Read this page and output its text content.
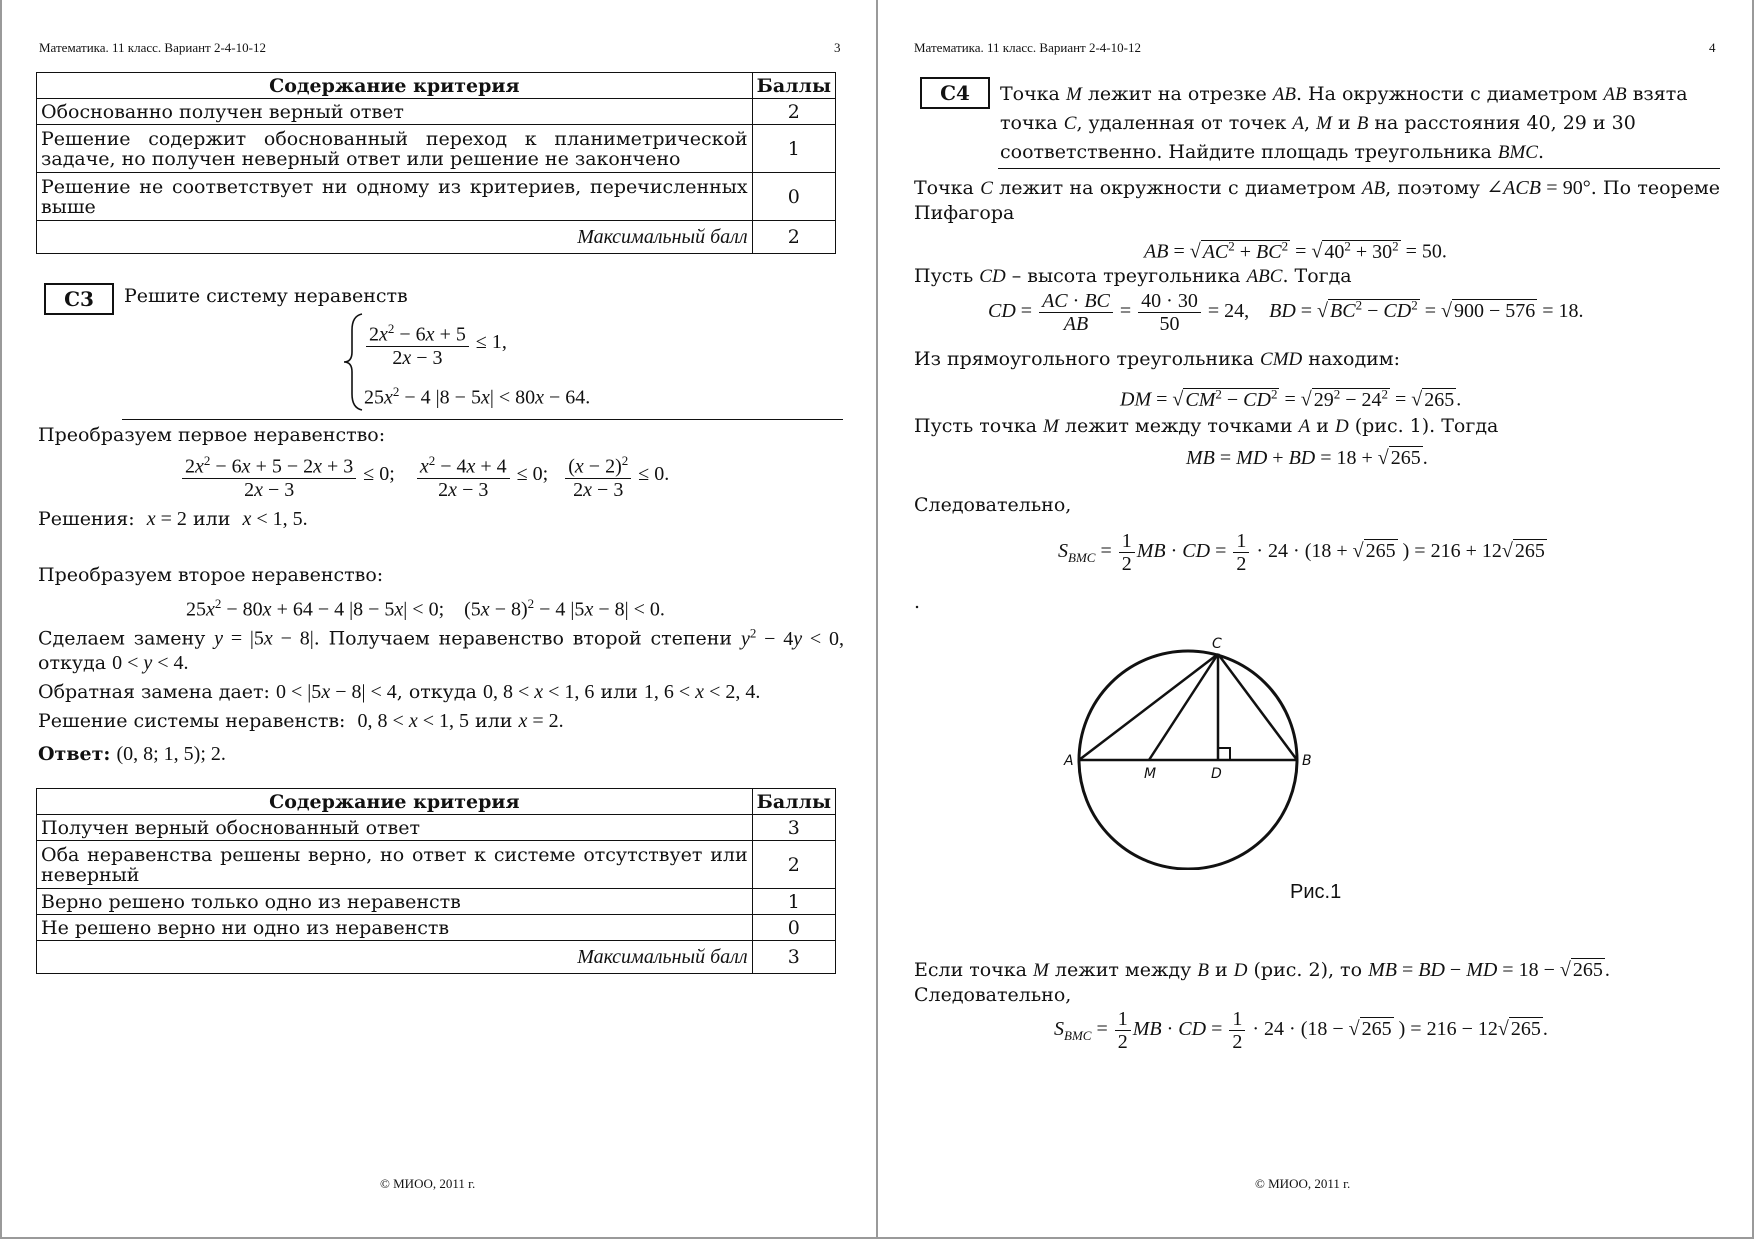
Математика. 11 класс. Вариант 2-4-10-12	3
Содержание критерия	Баллы
Обоснованно получен верный ответ	2
Решение содержит обоснованный переход к планиметрической задаче, но получен неверный ответ или решение не закончено	1
Решение не соответствует ни одному из критериев, перечисленных выше	0
Максимальный балл	2
C3	Решите систему неравенств
$\frac{2x^2 - 6x + 5}{2x - 3} \le 1$,
$25x^2 - 4$ |8 − 5x| < 80x − 64.
Преобразуем первое неравенство:
$\frac{2x^2 - 6x + 5 - 2x + 3}{2x - 3} \le 0$; $\frac{x^2 - 4x + 4}{2x - 3} \le 0$; $\frac{(x - 2)^2}{2x - 3} \le 0$.
Решения: x = 2 или x < 1, 5.
Преобразуем второе неравенство:
$25x^2 - 80x + 64 - 4$ |8 − 5x| < 0;    $(5x - 8)^2 - 4$ |5x − 8| < 0.
Сделаем замену y = |5x − 8|. Получаем неравенство второй степени $y^2 - 4y < 0$,
откуда 0 < y < 4.
Обратная замена дает: 0 < |5x − 8| < 4, откуда 0, 8 < x < 1, 6 или 1, 6 < x < 2, 4.
Решение системы неравенств: 0, 8 < x < 1, 5 или x = 2.
Ответ: (0, 8; 1, 5); 2.
Содержание критерия	Баллы
Получен верный обоснованный ответ	3
Оба неравенства решены верно, но ответ к системе отсутствует или неверный	2
Верно решено только одно из неравенств	1
Не решено верно ни одно из неравенств	0
Максимальный балл	3
© МИОО, 2011 г.
Математика. 11 класс. Вариант 2-4-10-12	4
C4	Точка M лежит на отрезке AB. На окружности с диаметром AB взята
точка C, удаленная от точек A, M и B на расстояния 40, 29 и 30
соответственно. Найдите площадь треугольника BMC.
Точка C лежит на окружности с диаметром AB, поэтому ∠ACB = 90°. По теореме
Пифагора
AB = √ $AC^2 + BC^2$ = √ $40^2 + 30^2 = 50$.
Пусть CD – высота треугольника ABC. Тогда
CD = $\frac{AC \cdot BC}{AB} = \frac{40 \cdot 30}{50} = 24$,    BD = √ $BC^2 - CD^2$ = √ 900 − 576 = 18.
Из прямоугольного треугольника CMD находим:
DM = √ $CM^2 - CD^2$ = √ $29^2 - 24^2$ = √ 265 .
Пусть точка M лежит между точками A и D (рис. 1). Тогда
MB = MD + BD = 18 + √ 265 .
Следовательно,
$S_{BMC} = \frac{1}{2}$ MB · CD = $\frac{1}{2} \cdot 24 \cdot (18$ + √ 265 ) = 216 + 12√ 265
.
A	B
C
M	D
Рис.1
Если точка M лежит между B и D (рис. 2), то MB = BD − MD = 18 − √ 265 .
Следовательно,
$S_{BMC} = \frac{1}{2}$ MB · CD = $\frac{1}{2} \cdot 24 \cdot (18$ − √ 265 ) = 216 − 12√ 265 .
© МИОО, 2011 г.
